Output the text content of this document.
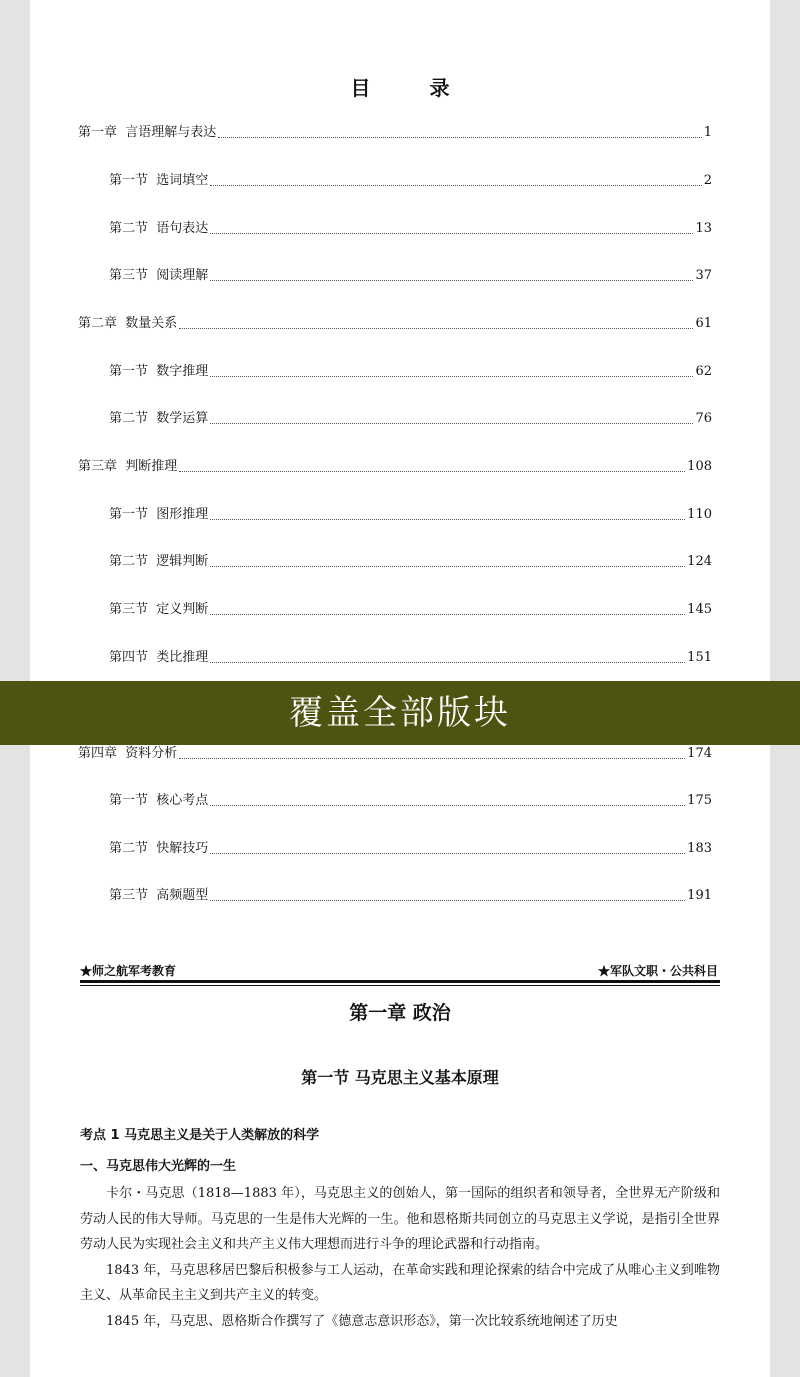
目 录
第一章  言语理解与表达	1
第一节  选词填空	2
第二节  语句表达	13
第三节  阅读理解	37
第二章  数量关系	61
第一节  数字推理	62
第二节  数学运算	76
第三章  判断推理	108
第一节  图形推理	110
第二节  逻辑判断	124
第三节  定义判断	145
第四节  类比推理	151
第四章  资料分析	174
第一节  核心考点	175
第二节  快解技巧	183
第三节  高频题型	191
★师之航军考教育	★军队文职・公共科目
第一章 政治
第一节 马克思主义基本原理
考点 1 马克思主义是关于人类解放的科学
一、马克思伟大光辉的一生

卡尔・马克思（1818—1883 年），马克思主义的创始人，第一国际的组织者和领导者，全世界无产阶级和劳动人民的伟大导师。马克思的一生是伟大光辉的一生。他和恩格斯共同创立的马克思主义学说，是指引全世界劳动人民为实现社会主义和共产主义伟大理想而进行斗争的理论武器和行动指南。

1843 年，马克思移居巴黎后积极参与工人运动，在革命实践和理论探索的结合中完成了从唯心主义到唯物主义、从革命民主主义到共产主义的转变。

1845 年，马克思、恩格斯合作撰写了《德意志意识形态》，第一次比较系统地阐述了历史

覆盖全部版块
